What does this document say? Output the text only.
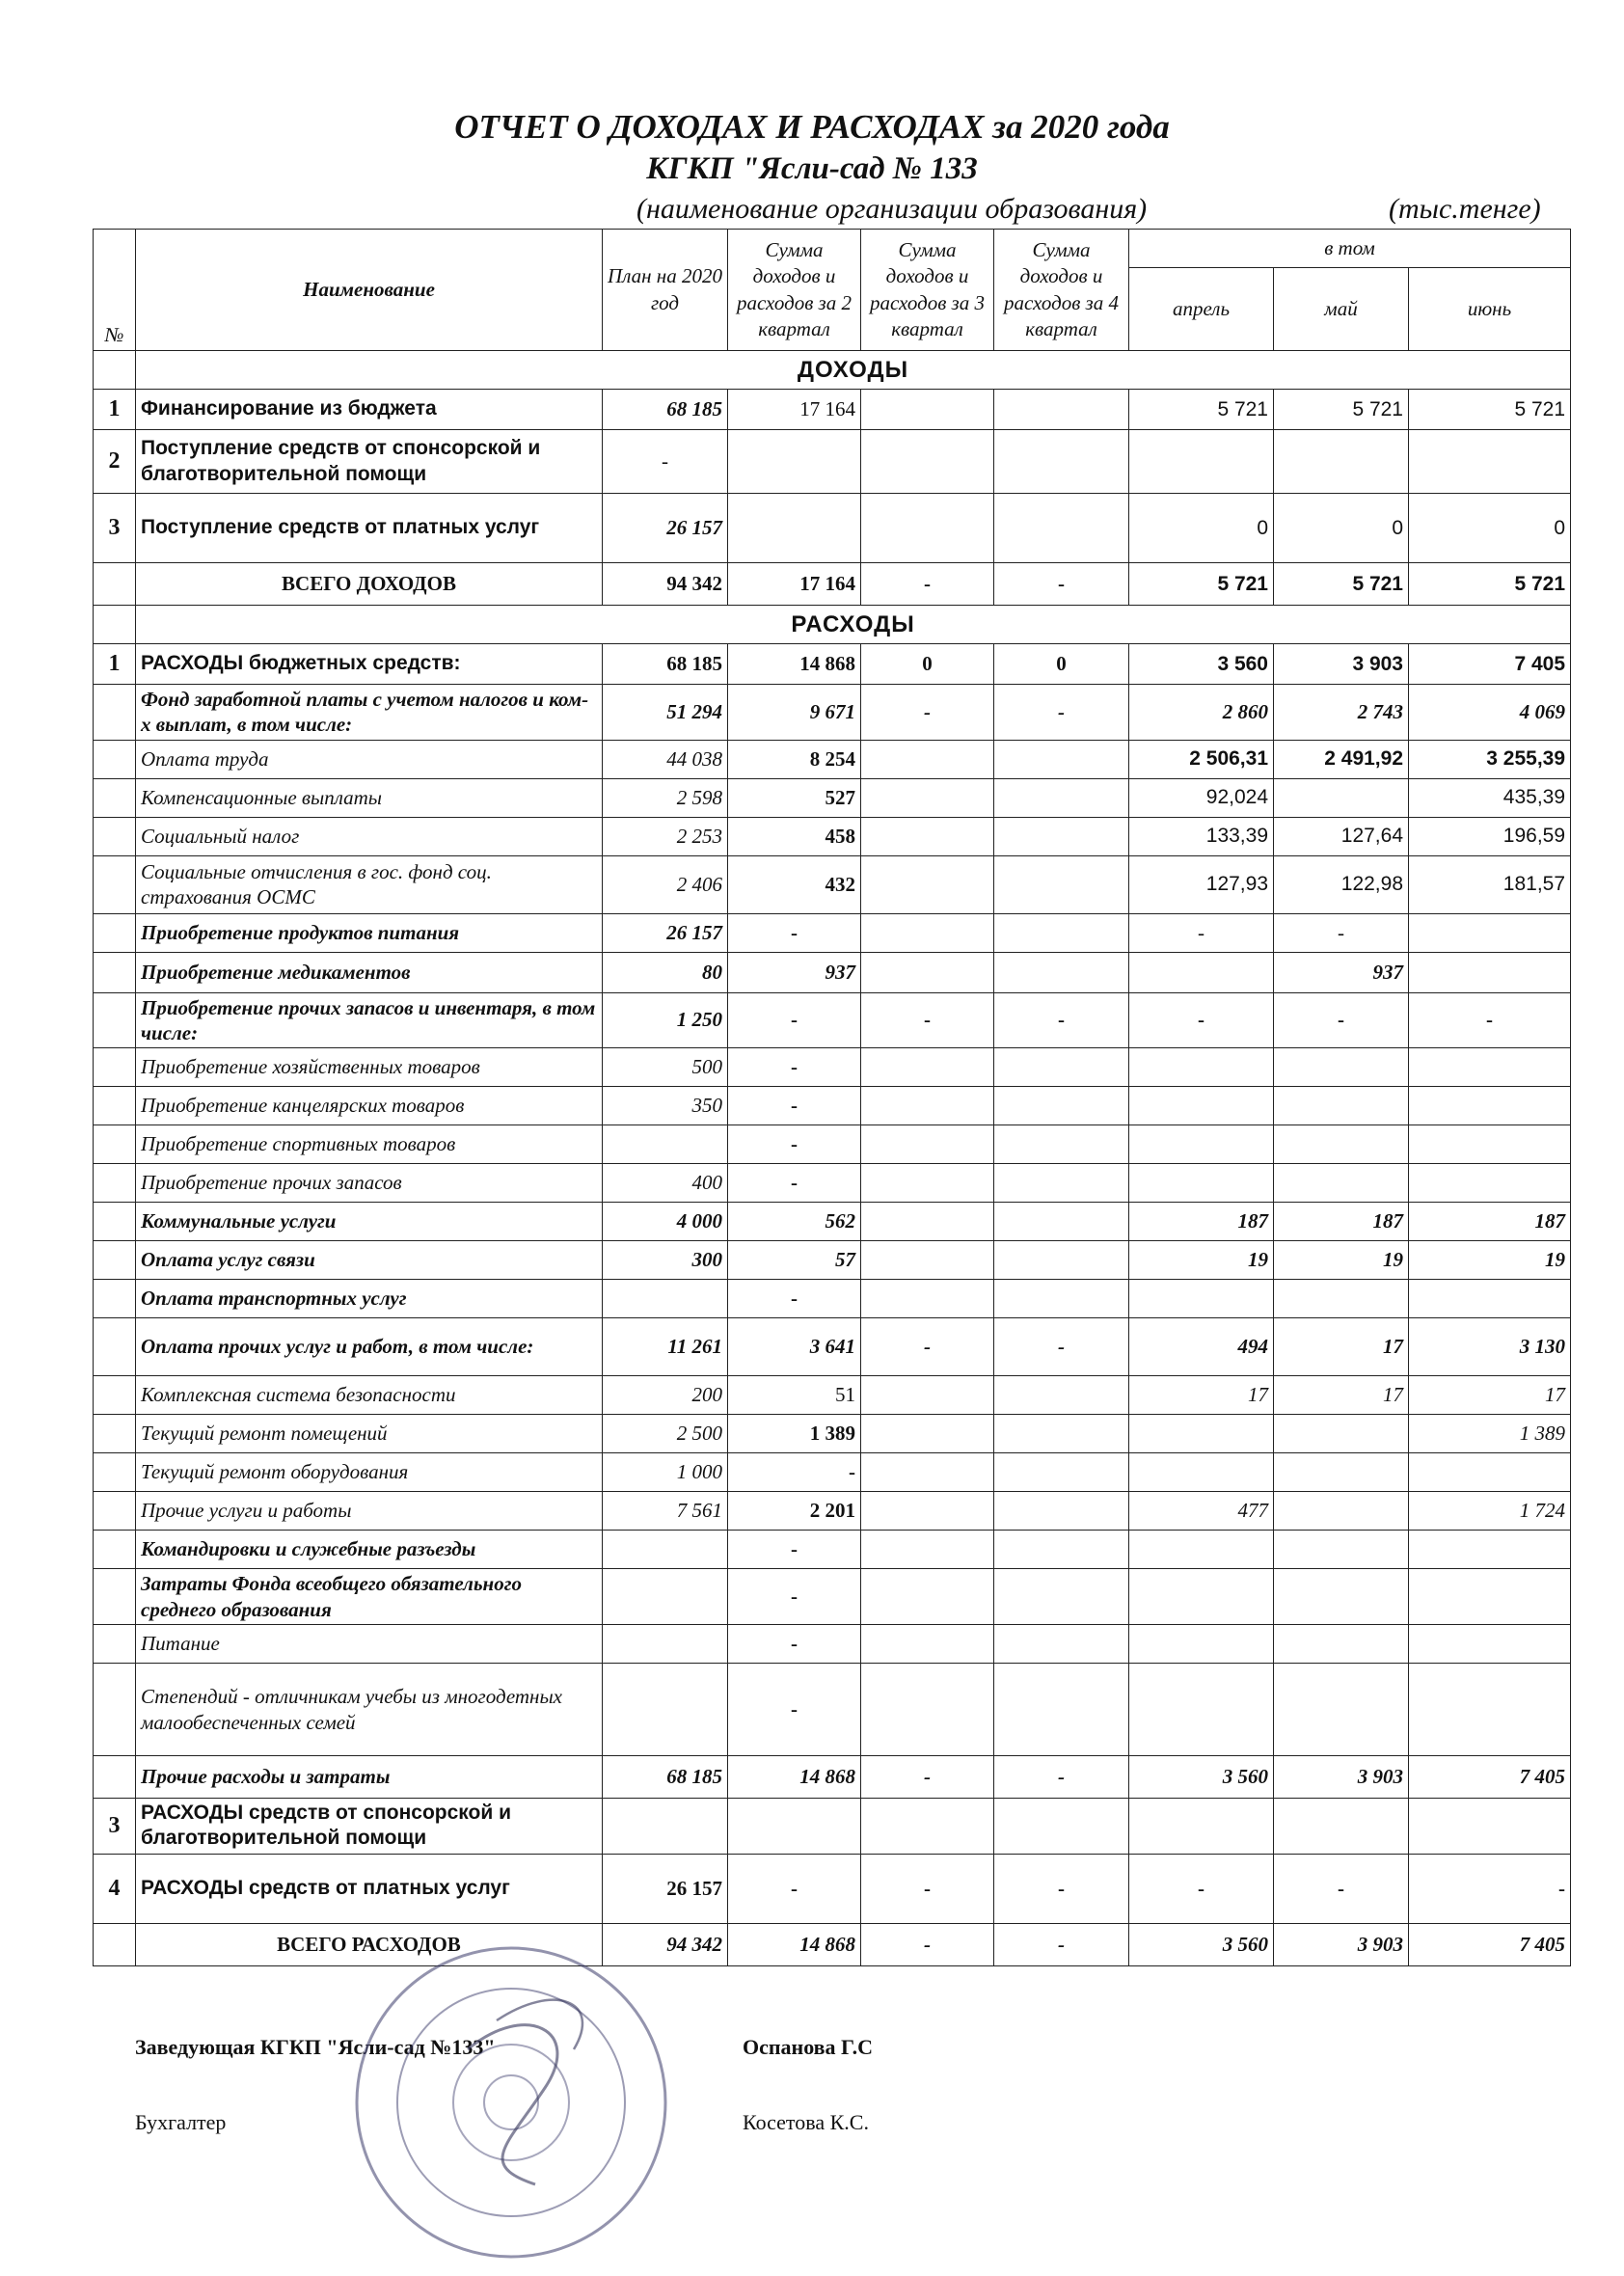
ОТЧЕТ О ДОХОДАХ И РАСХОДАХ за 2020 года
КГКП "Ясли-сад № 133
(наименование организации образования)	(тыс.тенге)
№	Наименование	План на 2020 год	Сумма доходов и расходов за 2 квартал	Сумма доходов и расходов за 3 квартал	Сумма доходов и расходов за 4 квартал	в том		
						апрель	май	июнь
	ДОХОДЫ							
1	Финансирование из бюджета	68 185	17 164			5 721	5 721	5 721
2	Поступление средств от спонсорской и благотворительной помощи	-						
3	Поступление средств от платных услуг	26 157				0	0	0
	ВСЕГО ДОХОДОВ	94 342	17 164	-	-	5 721	5 721	5 721
	РАСХОДЫ							
1	РАСХОДЫ бюджетных средств:	68 185	14 868	0	0	3 560	3 903	7 405
	Фонд заработной платы с учетом налогов и ком-х выплат, в том числе:	51 294	9 671	-	-	2 860	2 743	4 069
	Оплата труда	44 038	8 254			2 506,31	2 491,92	3 255,39
	Компенсационные выплаты	2 598	527			92,024		435,39
	Социальный налог	2 253	458			133,39	127,64	196,59
	Социальные отчисления в гос. фонд соц. страхования ОСМС	2 406	432			127,93	122,98	181,57
	Приобретение продуктов питания	26 157	-			-	-	
	Приобретение медикаментов	80	937				937	
	Приобретение прочих запасов и инвентаря, в том числе:	1 250	-	-	-	-	-	-
	Приобретение хозяйственных товаров	500	-					
	Приобретение канцелярских товаров	350	-					
	Приобретение спортивных товаров		-					
	Приобретение прочих запасов	400	-					
	Коммунальные услуги	4 000	562			187	187	187
	Оплата услуг связи	300	57			19	19	19
	Оплата транспортных услуг		-					
	Оплата прочих услуг и работ, в том числе:	11 261	3 641	-	-	494	17	3 130
	Комплексная система безопасности	200	51			17	17	17
	Текущий ремонт помещений	2 500	1 389					1 389
	Текущий ремонт оборудования	1 000	-					
	Прочие услуги и работы	7 561	2 201			477		1 724
	Командировки и служебные разъезды		-					
	Затраты Фонда всеобщего обязательного среднего образования		-					
	Питание		-					
	Степендий - отличникам учебы из многодетных малообеспеченных семей		-					
	Прочие расходы и затраты	68 185	14 868	-	-	3 560	3 903	7 405
3	РАСХОДЫ средств от спонсорской и благотворительной помощи							
4	РАСХОДЫ средств от платных услуг	26 157	-	-	-	-	-	-
	ВСЕГО РАСХОДОВ	94 342	14 868	-	-	3 560	3 903	7 405
Заведующая КГКП "Ясли-сад №133"	Оспанова Г.С
Бухгалтер	Косетова К.С.
